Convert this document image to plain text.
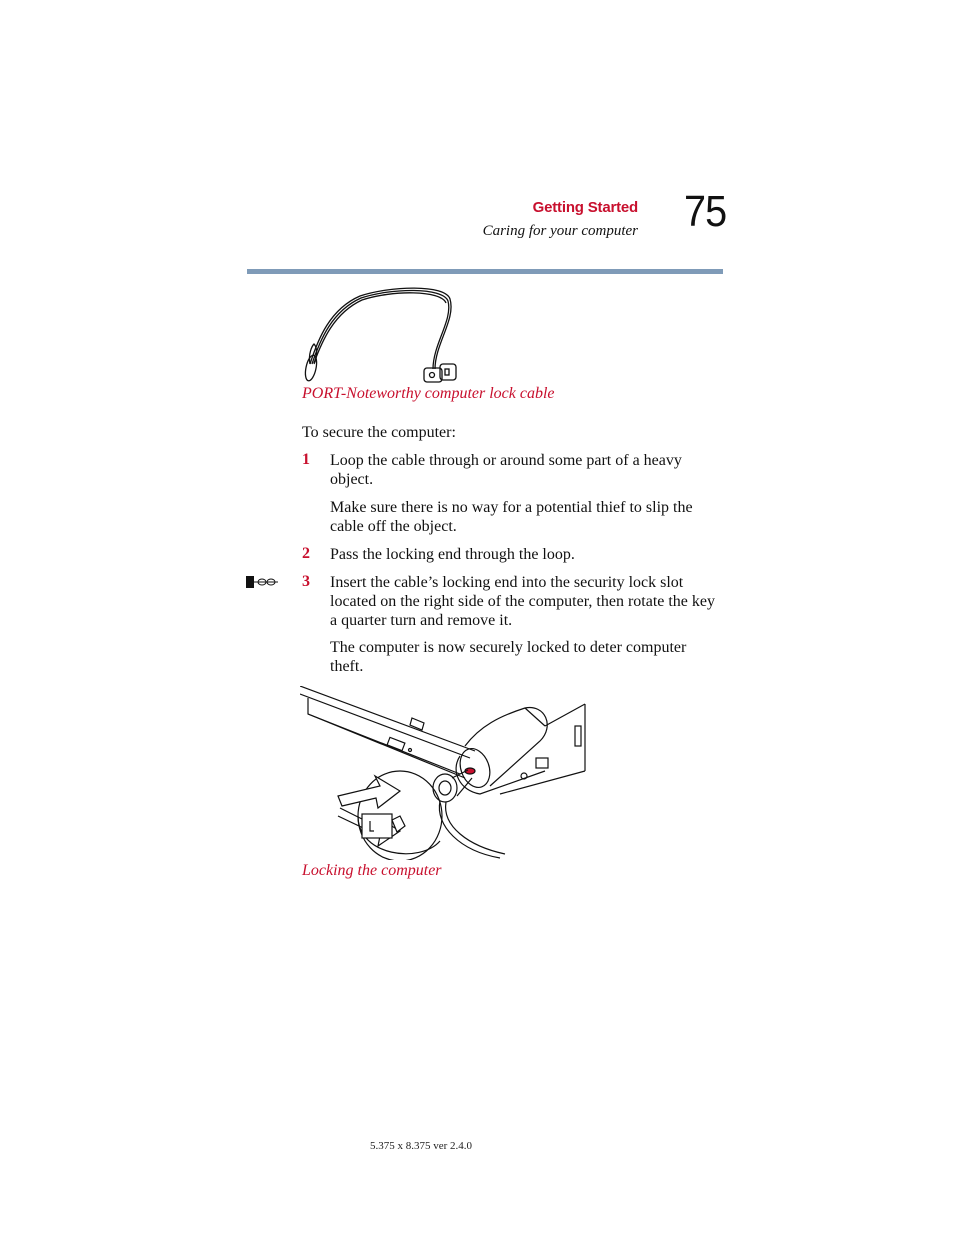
Getting Started
Caring for your computer 75
PORT-Noteworthy computer lock cable
To secure the computer:
1 Loop the cable through or around some part of a heavy object.
Make sure there is no way for a potential thief to slip the cable off the object.
2 Pass the locking end through the loop.
3 Insert the cable’s locking end into the security lock slot located on the right side of the computer, then rotate the key a quarter turn and remove it.
The computer is now securely locked to deter computer theft.
Locking the computer
5.375 x 8.375 ver 2.4.0
